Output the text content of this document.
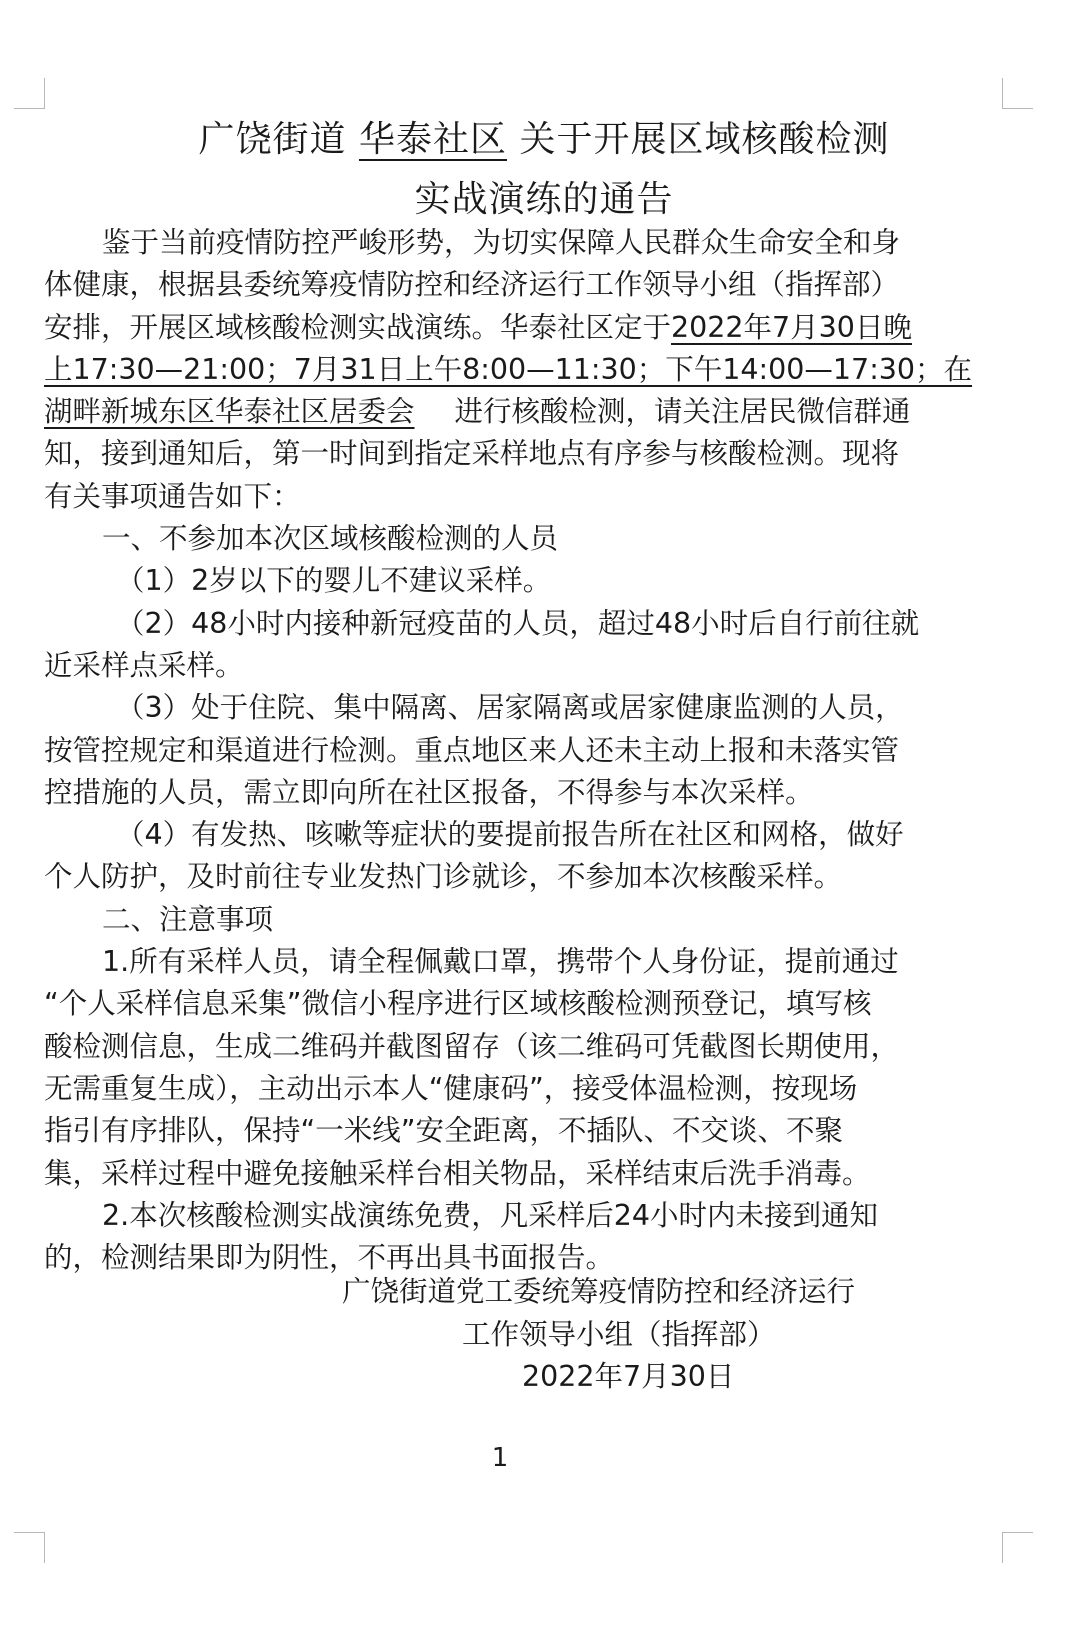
广饶街道 华泰社区 关于开展区域核酸检测
实战演练的通告
鉴于当前疫情防控严峻形势，为切实保障人民群众生命安全和身
体健康，根据县委统筹疫情防控和经济运行工作领导小组（指挥部）
安排，开展区域核酸检测实战演练。华泰社区定于2022年7月30日晚
上17:30—21:00；7月31日上午8:00—11:30；下午14:00—17:30；在
湖畔新城东区华泰社区居委会 进行核酸检测，请关注居民微信群通
知，接到通知后，第一时间到指定采样地点有序参与核酸检测。现将
有关事项通告如下：
一、不参加本次区域核酸检测的人员
（1）2岁以下的婴儿不建议采样。
（2）48小时内接种新冠疫苗的人员，超过48小时后自行前往就
近采样点采样。
（3）处于住院、集中隔离、居家隔离或居家健康监测的人员，
按管控规定和渠道进行检测。重点地区来人还未主动上报和未落实管
控措施的人员，需立即向所在社区报备，不得参与本次采样。
（4）有发热、咳嗽等症状的要提前报告所在社区和网格，做好
个人防护，及时前往专业发热门诊就诊，不参加本次核酸采样。
二、注意事项
1.所有采样人员，请全程佩戴口罩，携带个人身份证，提前通过
“个人采样信息采集”微信小程序进行区域核酸检测预登记，填写核
酸检测信息，生成二维码并截图留存（该二维码可凭截图长期使用，
无需重复生成），主动出示本人“健康码”，接受体温检测，按现场
指引有序排队，保持“一米线”安全距离，不插队、不交谈、不聚
集，采样过程中避免接触采样台相关物品，采样结束后洗手消毒。
2.本次核酸检测实战演练免费，凡采样后24小时内未接到通知
的，检测结果即为阴性，不再出具书面报告。
广饶街道党工委统筹疫情防控和经济运行
工作领导小组（指挥部）
2022年7月30日
1
